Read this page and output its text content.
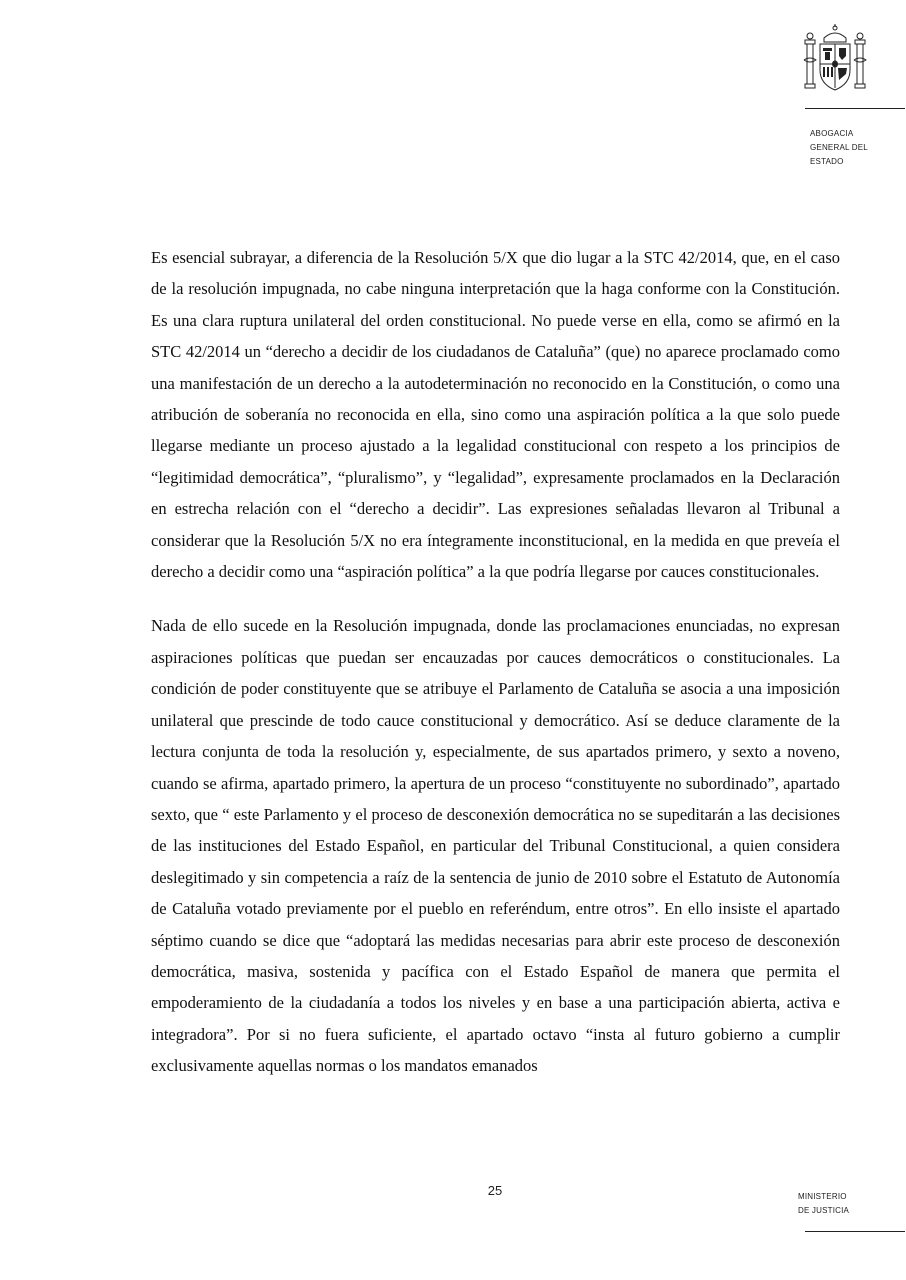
ABOGACIA
GENERAL DEL
ESTADO

Es esencial subrayar, a diferencia de la Resolución 5/X que dio lugar a la STC 42/2014, que, en el caso de la resolución impugnada, no cabe ninguna interpretación que la haga conforme con la Constitución. Es una clara ruptura unilateral del orden constitucional. No puede verse en ella, como se afirmó en la STC 42/2014 un “derecho a decidir de los ciudadanos de Cataluña” (que) no aparece proclamado como una manifestación de un derecho a la autodeterminación no reconocido en la Constitución, o como una atribución de soberanía no reconocida en ella, sino como una aspiración política a la que solo puede llegarse mediante un proceso ajustado a la legalidad constitucional con respeto a los principios de “legitimidad democrática”, “pluralismo”, y “legalidad”, expresamente proclamados en la Declaración en estrecha relación con el “derecho a decidir”. Las expresiones señaladas llevaron al Tribunal a considerar que la Resolución 5/X no era íntegramente inconstitucional, en la medida en que preveía el derecho a decidir como una “aspiración política” a la que podría llegarse por cauces constitucionales.

Nada de ello sucede en la Resolución impugnada, donde las proclamaciones enunciadas, no expresan aspiraciones políticas que puedan ser encauzadas por cauces democráticos o constitucionales. La condición de poder constituyente que se atribuye el Parlamento de Cataluña se asocia a una imposición unilateral que prescinde de todo cauce constitucional y democrático. Así se deduce claramente de la lectura conjunta de toda la resolución y, especialmente, de sus apartados primero, y sexto a noveno, cuando se afirma, apartado primero, la apertura de un proceso “constituyente no subordinado”, apartado sexto, que “ este Parlamento y el proceso de desconexión democrática no se supeditarán a las decisiones de las instituciones del Estado Español, en particular del Tribunal Constitucional, a quien considera deslegitimado y sin competencia a raíz de la sentencia de junio de 2010 sobre el Estatuto de Autonomía de Cataluña votado previamente por el pueblo en referéndum, entre otros”. En ello insiste el apartado séptimo cuando se dice que “adoptará las medidas necesarias para abrir este proceso de desconexión democrática, masiva, sostenida y pacífica con el Estado Español de manera que permita el empoderamiento de la ciudadanía a todos los niveles y en base a una participación abierta, activa e integradora”. Por si no fuera suficiente, el apartado octavo “insta al futuro gobierno a cumplir exclusivamente aquellas normas o los mandatos emanados

25	MINISTERIO
DE JUSTICIA
